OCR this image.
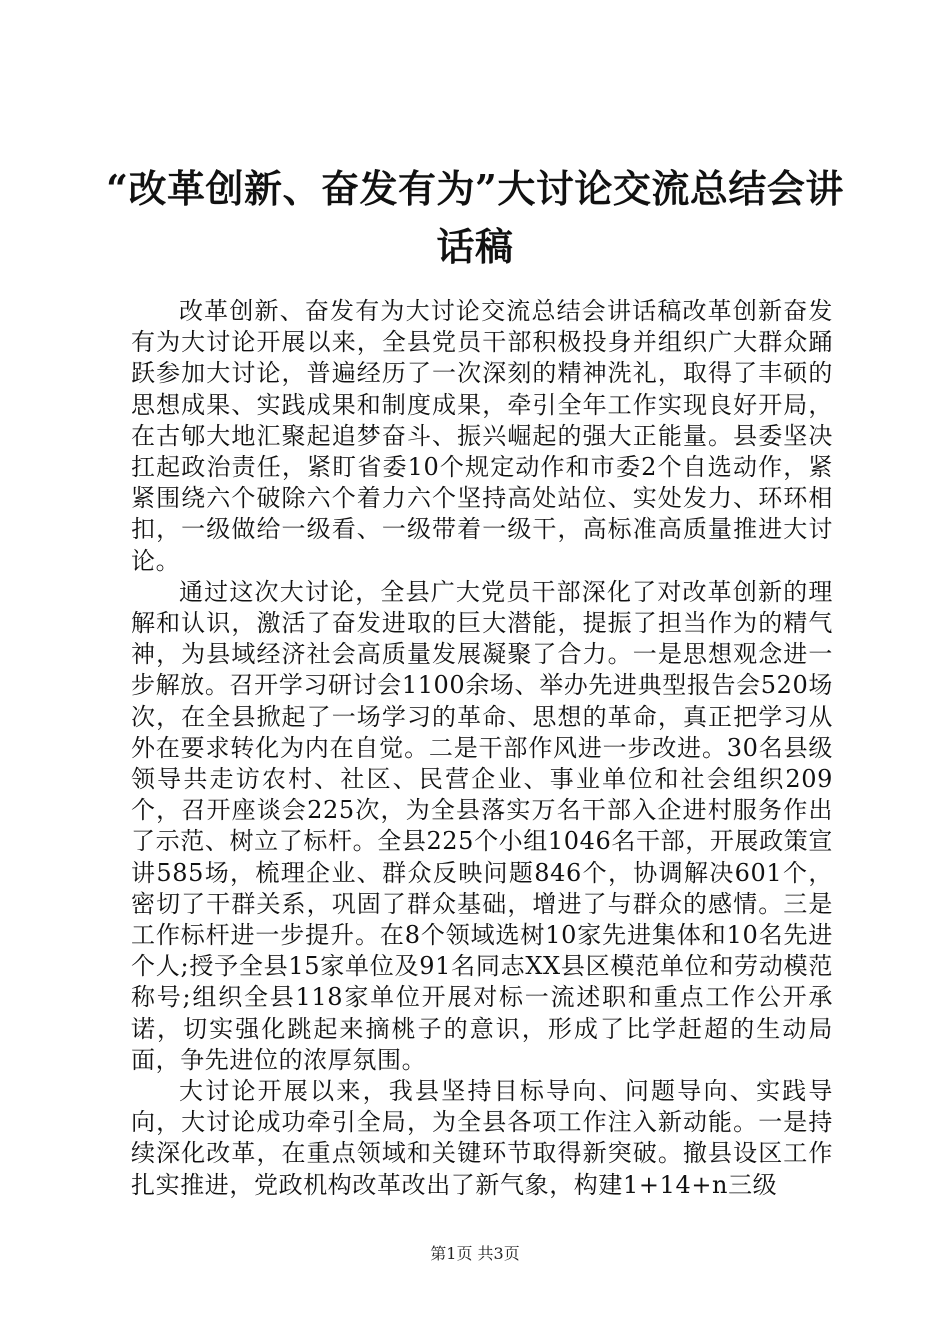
“改革创新、奋发有为”大讨论交流总结会讲话稿

改革创新、奋发有为大讨论交流总结会讲话稿改革创新奋发有为大讨论开展以来，全县党员干部积极投身并组织广大群众踊跃参加大讨论，普遍经历了一次深刻的精神洗礼，取得了丰硕的思想成果、实践成果和制度成果，牵引全年工作实现良好开局，在古郇大地汇聚起追梦奋斗、振兴崛起的强大正能量。县委坚决扛起政治责任，紧盯省委10个规定动作和市委2个自选动作，紧紧围绕六个破除六个着力六个坚持高处站位、实处发力、环环相扣，一级做给一级看、一级带着一级干，高标准高质量推进大讨论。

通过这次大讨论，全县广大党员干部深化了对改革创新的理解和认识，激活了奋发进取的巨大潜能，提振了担当作为的精气神，为县域经济社会高质量发展凝聚了合力。一是思想观念进一步解放。召开学习研讨会1100余场、举办先进典型报告会520场次，在全县掀起了一场学习的革命、思想的革命，真正把学习从外在要求转化为内在自觉。二是干部作风进一步改进。30名县级领导共走访农村、社区、民营企业、事业单位和社会组织209个，召开座谈会225次，为全县落实万名干部入企进村服务作出了示范、树立了标杆。全县225个小组1046名干部，开展政策宣讲585场，梳理企业、群众反映问题846个，协调解决601个，密切了干群关系，巩固了群众基础，增进了与群众的感情。三是工作标杆进一步提升。在8个领域选树10家先进集体和10名先进个人;授予全县15家单位及91名同志XX县区模范单位和劳动模范称号;组织全县118家单位开展对标一流述职和重点工作公开承诺，切实强化跳起来摘桃子的意识，形成了比学赶超的生动局面，争先进位的浓厚氛围。

大讨论开展以来，我县坚持目标导向、问题导向、实践导向，大讨论成功牵引全局，为全县各项工作注入新动能。一是持续深化改革，在重点领域和关键环节取得新突破。撤县设区工作扎实推进，党政机构改革改出了新气象，构建1+14+n三级

第1页 共3页
